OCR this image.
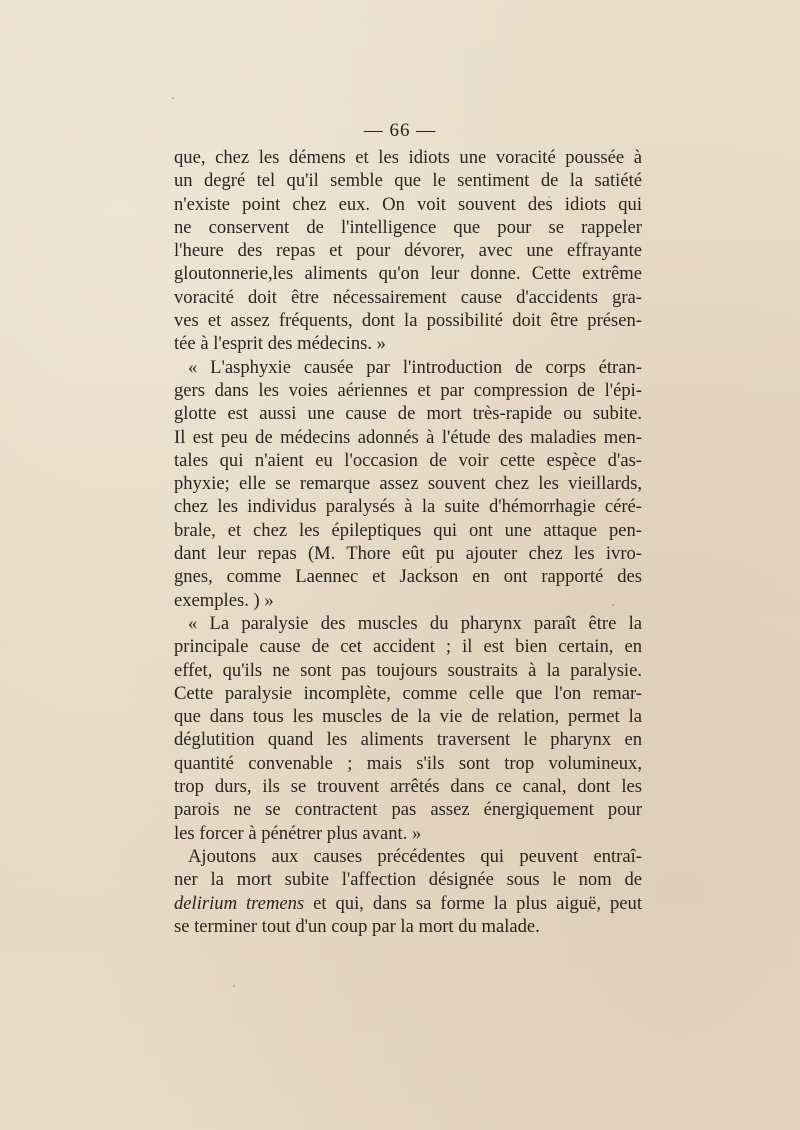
— 66 —
que, chez les démens et les idiots une voracité poussée à
un degré tel qu'il semble que le sentiment de la satiété
n'existe point chez eux. On voit souvent des idiots qui
ne conservent de l'intelligence que pour se rappeler
l'heure des repas et pour dévorer, avec une effrayante
gloutonnerie,les aliments qu'on leur donne. Cette extrême
voracité doit être nécessairement cause d'accidents gra-
ves et assez fréquents, dont la possibilité doit être présen-
tée à l'esprit des médecins. »
« L'asphyxie causée par l'introduction de corps étran-
gers dans les voies aériennes et par compression de l'épi-
glotte est aussi une cause de mort très-rapide ou subite.
Il est peu de médecins adonnés à l'étude des maladies men-
tales qui n'aient eu l'occasion de voir cette espèce d'as-
phyxie; elle se remarque assez souvent chez les vieillards,
chez les individus paralysés à la suite d'hémorrhagie céré-
brale, et chez les épileptiques qui ont une attaque pen-
dant leur repas (M. Thore eût pu ajouter chez les ivro-
gnes, comme Laennec et Jackson en ont rapporté des
exemples. ) »
« La paralysie des muscles du pharynx paraît être la
principale cause de cet accident ; il est bien certain, en
effet, qu'ils ne sont pas toujours soustraits à la paralysie.
Cette paralysie incomplète, comme celle que l'on remar-
que dans tous les muscles de la vie de relation, permet la
déglutition quand les aliments traversent le pharynx en
quantité convenable ; mais s'ils sont trop volumineux,
trop durs, ils se trouvent arrêtés dans ce canal, dont les
parois ne se contractent pas assez énergiquement pour
les forcer à pénétrer plus avant. »
Ajoutons aux causes précédentes qui peuvent entraî-
ner la mort subite l'affection désignée sous le nom de
delirium tremens et qui, dans sa forme la plus aiguë, peut
se terminer tout d'un coup par la mort du malade.
